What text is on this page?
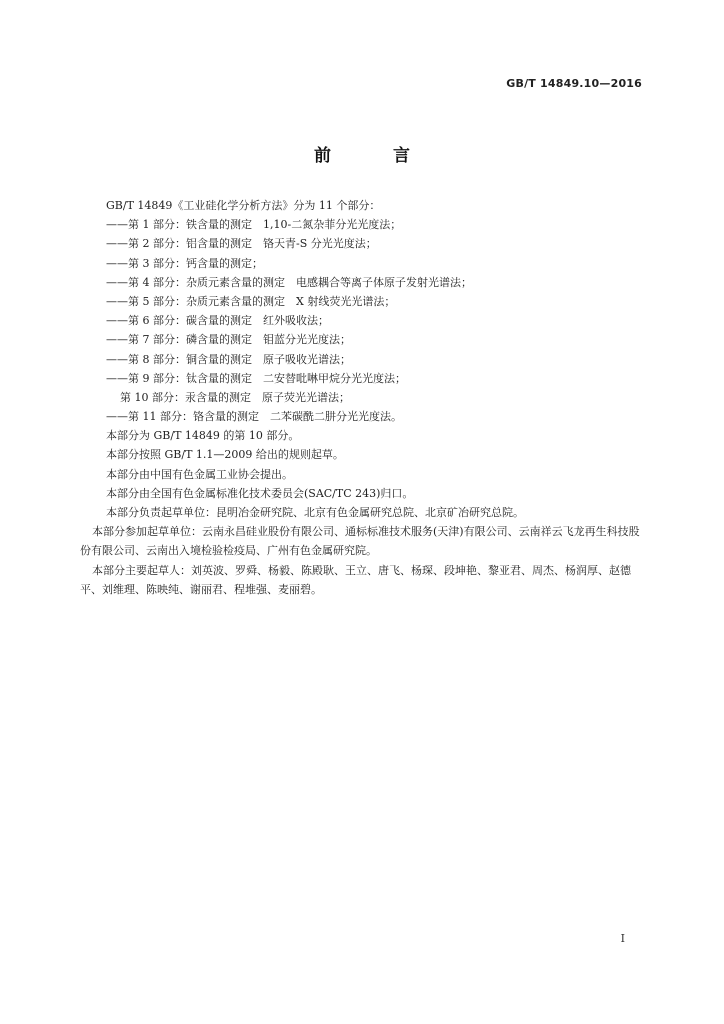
GB/T 14849.10—2016
前 言
GB/T 14849《工业硅化学分析方法》分为 11 个部分：
——第 1 部分：铁含量的测定　1,10-二氮杂菲分光光度法；
——第 2 部分：铝含量的测定　铬天青-S 分光光度法；
——第 3 部分：钙含量的测定；
——第 4 部分：杂质元素含量的测定　电感耦合等离子体原子发射光谱法；
——第 5 部分：杂质元素含量的测定　X 射线荧光光谱法；
——第 6 部分：碳含量的测定　红外吸收法；
——第 7 部分：磷含量的测定　钼蓝分光光度法；
——第 8 部分：铜含量的测定　原子吸收光谱法；
——第 9 部分：钛含量的测定　二安替吡啉甲烷分光光度法；
第 10 部分：汞含量的测定　原子荧光光谱法；
——第 11 部分：铬含量的测定　二苯碳酰二肼分光光度法。
本部分为 GB/T 14849 的第 10 部分。
本部分按照 GB/T 1.1—2009 给出的规则起草。
本部分由中国有色金属工业协会提出。
本部分由全国有色金属标准化技术委员会(SAC/TC 243)归口。
本部分负责起草单位：昆明冶金研究院、北京有色金属研究总院、北京矿冶研究总院。
本部分参加起草单位：云南永昌硅业股份有限公司、通标标准技术服务(天津)有限公司、云南祥云飞龙再生科技股份有限公司、云南出入境检验检疫局、广州有色金属研究院。
本部分主要起草人：刘英波、罗舜、杨毅、陈殿耿、王立、唐飞、杨琛、段坤艳、黎亚君、周杰、杨润厚、赵德平、刘维理、陈映纯、谢丽君、程堆强、麦丽碧。
I
